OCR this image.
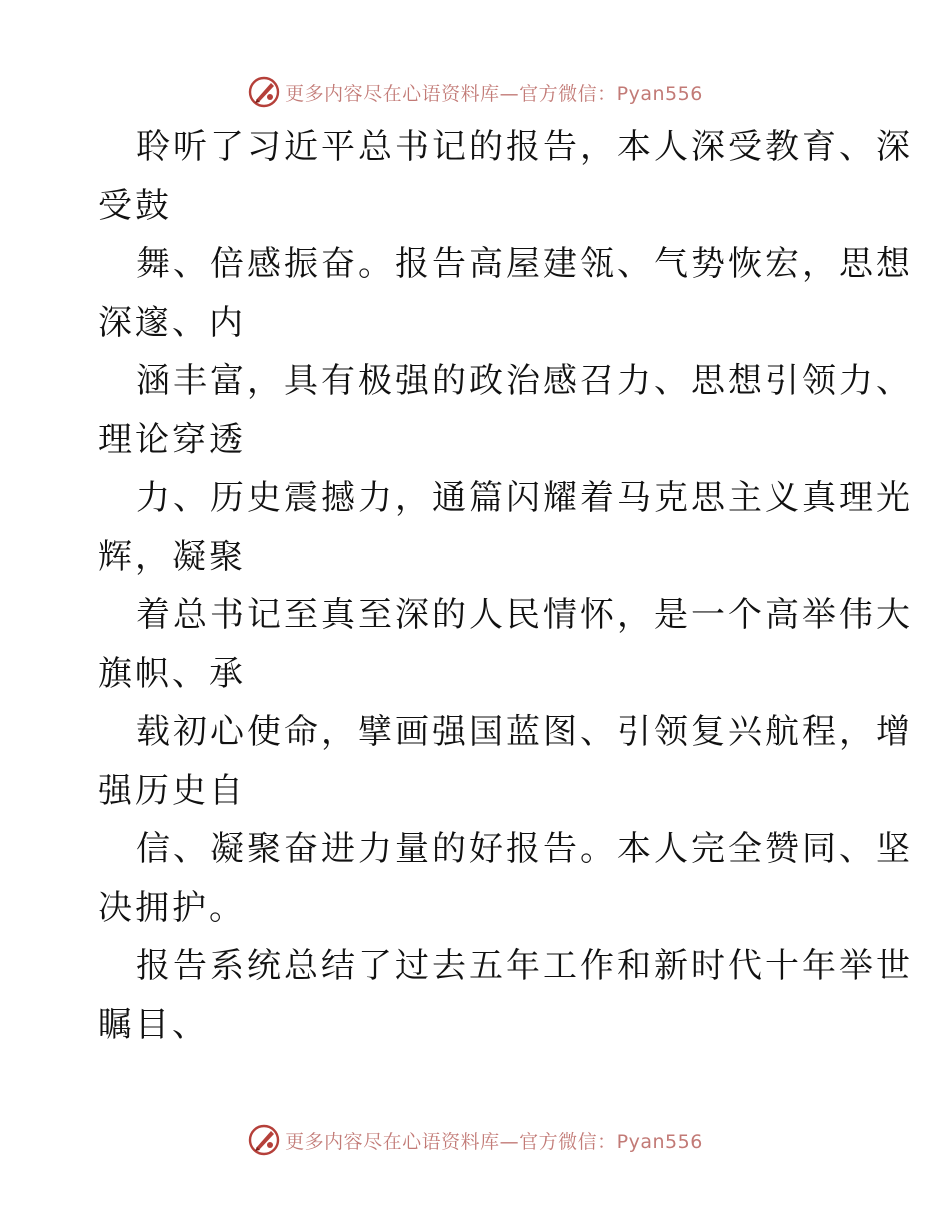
更多内容尽在心语资料库—官方微信：Pyan556
聆听了习近平总书记的报告，本人深受教育、深
受鼓
舞、倍感振奋。报告高屋建瓴、气势恢宏，思想
深邃、内
涵丰富，具有极强的政治感召力、思想引领力、
理论穿透
力、历史震撼力，通篇闪耀着马克思主义真理光
辉，凝聚
着总书记至真至深的人民情怀，是一个高举伟大
旗帜、承
载初心使命，擘画强国蓝图、引领复兴航程，增
强历史自
信、凝聚奋进力量的好报告。本人完全赞同、坚
决拥护。
报告系统总结了过去五年工作和新时代十年举世
瞩目、
更多内容尽在心语资料库—官方微信：Pyan556
